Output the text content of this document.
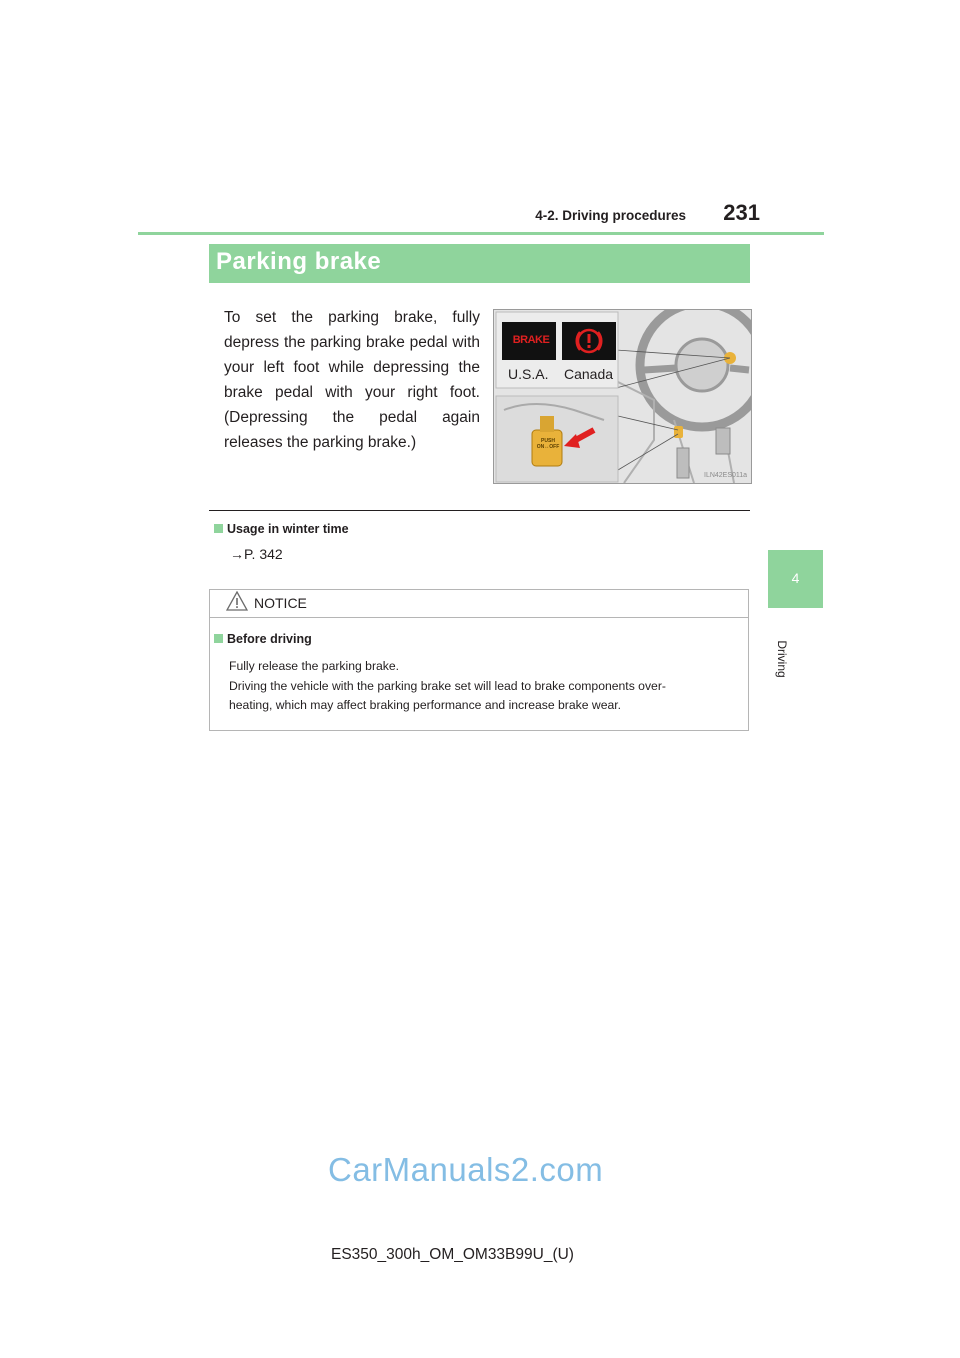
4-2. Driving procedures	231
4
Driving
Parking brake
To set the parking brake, fully depress the parking brake pedal with your left foot while depressing the brake pedal with your right foot. (Depressing the pedal again releases the parking brake.)
BRAKE
U.S.A. Canada
PUSH ON↔OFF
ILN42ES011a
Usage in winter time
→P. 342
NOTICE
Before driving
Fully release the parking brake.
Driving the vehicle with the parking brake set will lead to brake components over-
heating, which may affect braking performance and increase brake wear.
CarManuals2.com
ES350_300h_OM_OM33B99U_(U)
